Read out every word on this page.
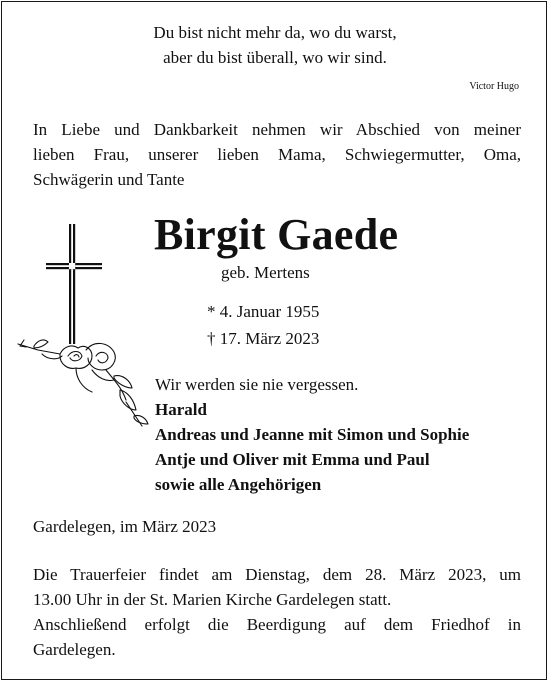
Du bist nicht mehr da, wo du warst,
aber du bist überall, wo wir sind.
Victor Hugo
In Liebe und Dankbarkeit nehmen wir Abschied von meiner
lieben Frau, unserer lieben Mama, Schwiegermutter, Oma,
Schwägerin und Tante
Birgit Gaede
geb. Mertens
* 4. Januar 1955
† 17. März 2023
Wir werden sie nie vergessen.
Harald
Andreas und Jeanne mit Simon und Sophie
Antje und Oliver mit Emma und Paul
sowie alle Angehörigen
Gardelegen, im März 2023
Die Trauerfeier findet am Dienstag, dem 28. März 2023, um
13.00 Uhr in der St. Marien Kirche Gardelegen statt.
Anschließend erfolgt die Beerdigung auf dem Friedhof in
Gardelegen.
